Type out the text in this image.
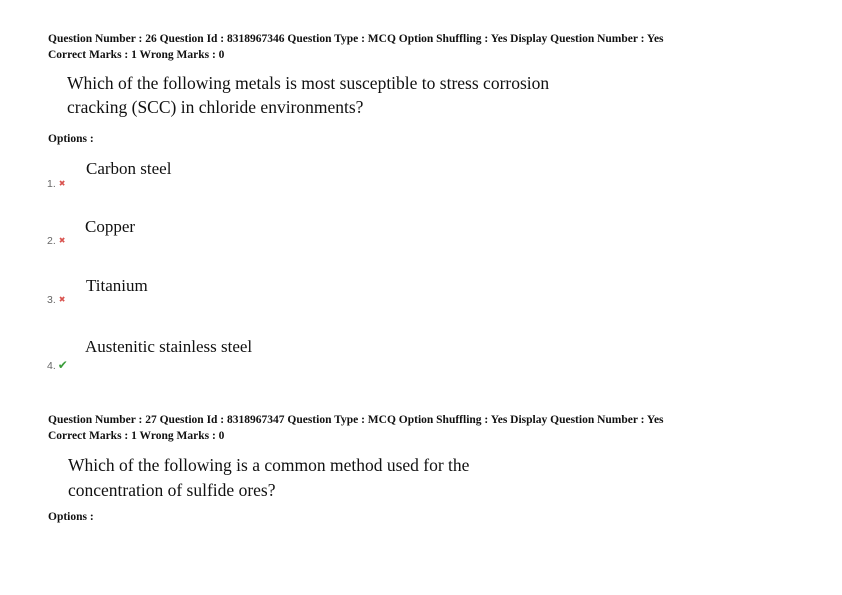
Question Number : 26 Question Id : 8318967346 Question Type : MCQ Option Shuffling : Yes Display Question Number : Yes
Correct Marks : 1 Wrong Marks : 0
Which of the following metals is most susceptible to stress corrosion
cracking (SCC) in chloride environments?
Options :
Carbon steel
1. ✖
Copper
2. ✖
Titanium
3. ✖
Austenitic stainless steel
4. ✔
Question Number : 27 Question Id : 8318967347 Question Type : MCQ Option Shuffling : Yes Display Question Number : Yes
Correct Marks : 1 Wrong Marks : 0
Which of the following is a common method used for the
concentration of sulfide ores?
Options :
